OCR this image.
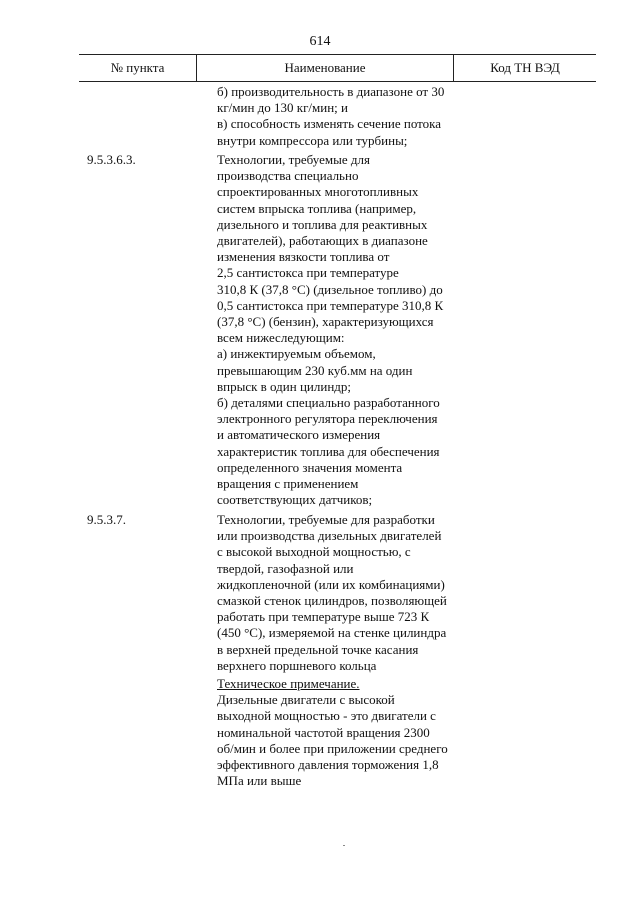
614
№ пункта	Наименование	Код ТН ВЭД
б) производительность в диапазоне от 30
кг/мин до 130 кг/мин; и
в) способность изменять сечение потока
внутри компрессора или турбины;
9.5.3.6.3.	Технологии, требуемые для
производства специально
спроектированных многотопливных
систем впрыска топлива (например,
дизельного и топлива для реактивных
двигателей), работающих в диапазоне
изменения вязкости топлива от
2,5 сантистокса при температуре
310,8 К (37,8 °С) (дизельное топливо) до
0,5 сантистокса при температуре 310,8 К
(37,8 °С) (бензин), характеризующихся
всем нижеследующим:
а) инжектируемым объемом,
превышающим 230 куб.мм на один
впрыск в один цилиндр;
б) деталями специально разработанного
электронного регулятора переключения
и автоматического измерения
характеристик топлива для обеспечения
определенного значения момента
вращения с применением
соответствующих датчиков;
9.5.3.7.	Технологии, требуемые для разработки
или производства дизельных двигателей
с высокой выходной мощностью, с
твердой, газофазной или
жидкопленочной (или их комбинациями)
смазкой стенок цилиндров, позволяющей
работать при температуре выше 723 К
(450 °С), измеряемой на стенке цилиндра
в верхней предельной точке касания
верхнего поршневого кольца
Техническое примечание.
Дизельные двигатели с высокой
выходной мощностью - это двигатели с
номинальной частотой вращения 2300
об/мин и более при приложении среднего
эффективного давления торможения 1,8
МПа или выше
